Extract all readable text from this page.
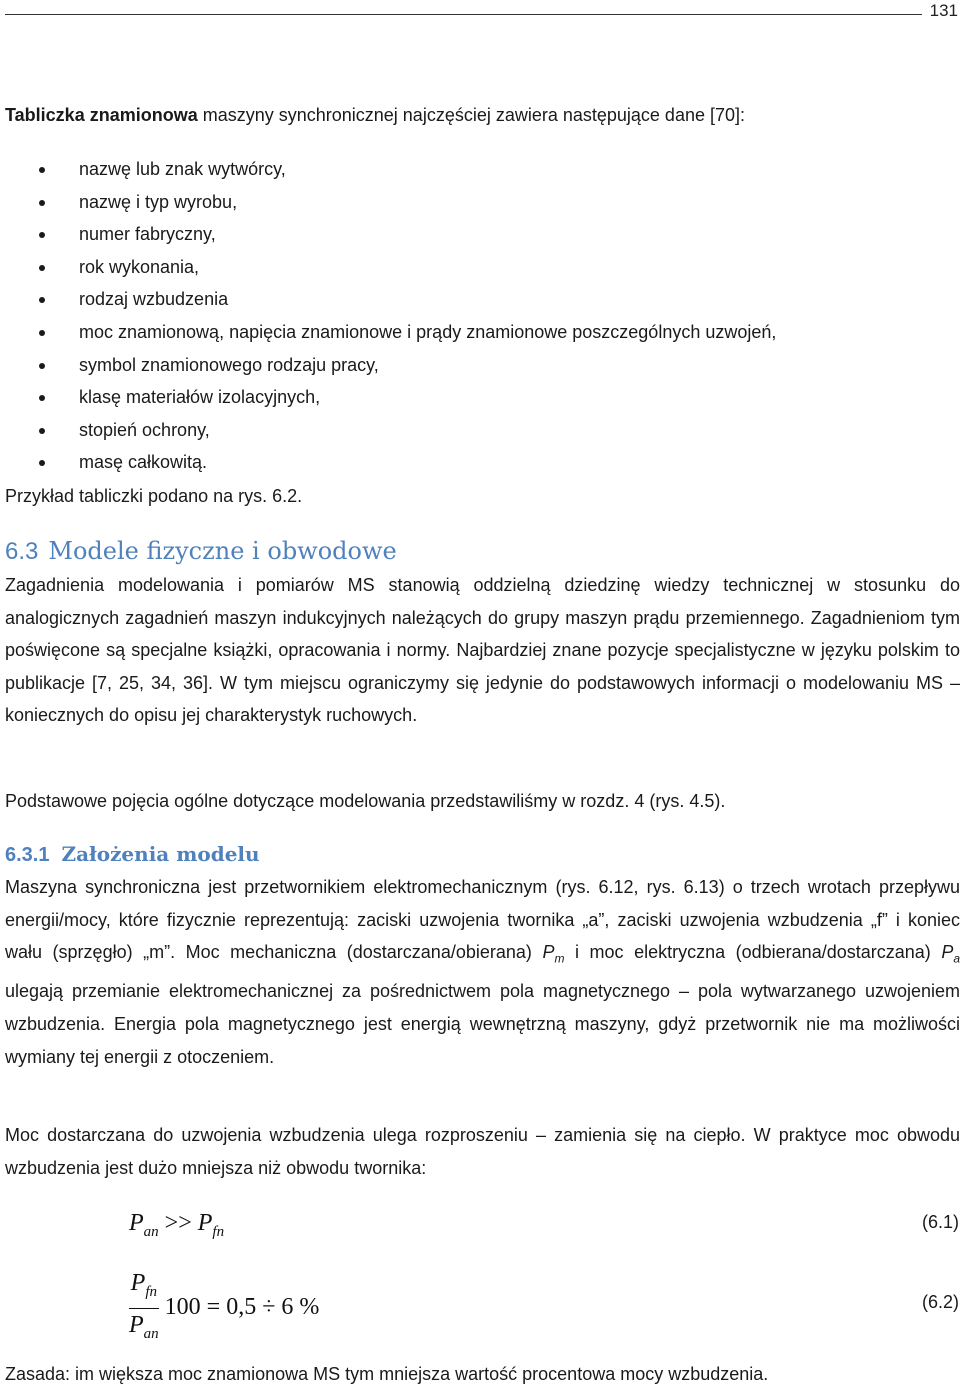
131

Tabliczka znamionowa maszyny synchronicznej najczęściej zawiera następujące dane [70]:

nazwę lub znak wytwórcy,
nazwę i typ wyrobu,
numer fabryczny,
rok wykonania,
rodzaj wzbudzenia
moc znamionową, napięcia znamionowe i prądy znamionowe poszczególnych uzwojeń,
symbol znamionowego rodzaju pracy,
klasę materiałów izolacyjnych,
stopień ochrony,
masę całkowitą.

Przykład tabliczki podano na rys. 6.2.

6.3 Modele fizyczne i obwodowe

Zagadnienia modelowania i pomiarów MS stanowią oddzielną dziedzinę wiedzy technicznej w stosunku do analogicznych zagadnień maszyn indukcyjnych należących do grupy maszyn prądu przemiennego. Zagadnieniom tym poświęcone są specjalne książki, opracowania i normy. Najbardziej znane pozycje specjalistyczne w języku polskim to publikacje [7, 25, 34, 36]. W tym miejscu ograniczymy się jedynie do podstawowych informacji o modelowaniu MS – koniecznych do opisu jej charakterystyk ruchowych.

Podstawowe pojęcia ogólne dotyczące modelowania przedstawiliśmy w rozdz. 4 (rys. 4.5).

6.3.1 Założenia modelu

Maszyna synchroniczna jest przetwornikiem elektromechanicznym (rys. 6.12, rys. 6.13) o trzech wrotach przepływu energii/mocy, które fizycznie reprezentują: zaciski uzwojenia twornika „a”, zaciski uzwojenia wzbudzenia „f” i koniec wału (sprzęgło) „m”. Moc mechaniczna (dostarczana/obierana) $P_m$ i moc elektryczna (odbierana/dostarczana) $P_a$ ulegają przemianie elektromechanicznej za pośrednictwem pola magnetycznego – pola wytwarzanego uzwojeniem wzbudzenia. Energia pola magnetycznego jest energią wewnętrzną maszyny, gdyż przetwornik nie ma możliwości wymiany tej energii z otoczeniem.

Moc dostarczana do uzwojenia wzbudzenia ulega rozproszeniu – zamienia się na ciepło. W praktyce moc obwodu wzbudzenia jest dużo mniejsza niż obwodu twornika:

$P_{an} >> P_{fn}$	(6.1)
$\frac{P_{fn}}{P_{an}} 100 = 0,5 \div 6$ %	(6.2)

Zasada: im większa moc znamionowa MS tym mniejsza wartość procentowa mocy wzbudzenia.
